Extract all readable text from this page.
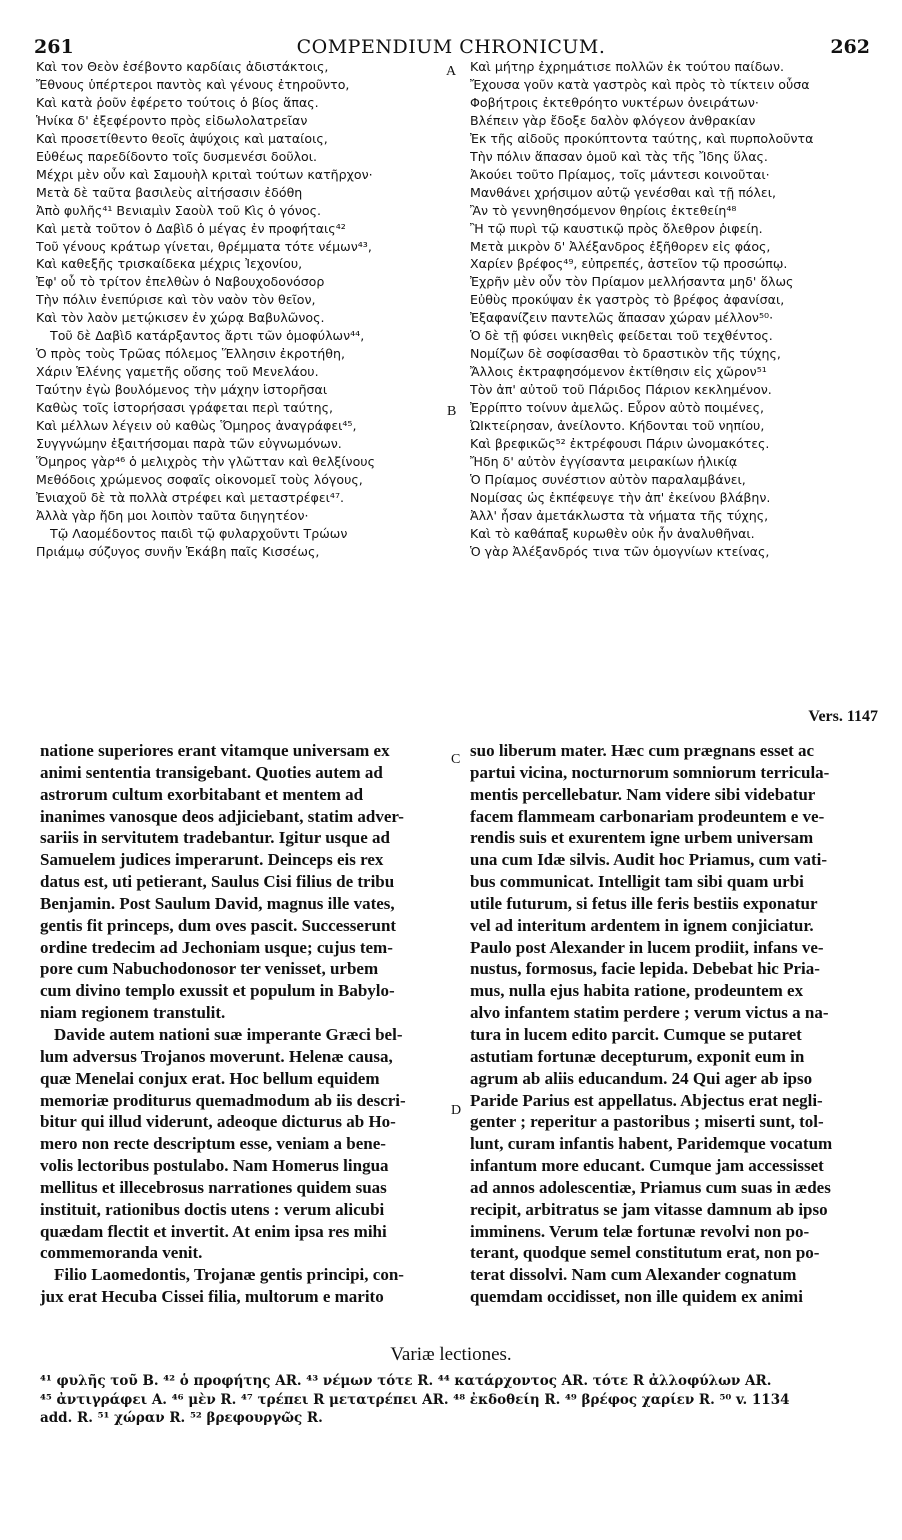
261	COMPENDIUM CHRONICUM.	262
Καὶ τον Θεὸν ἐσέβοντο καρδίαις ἀδιστάκτοις,
Ἔθνους ὑπέρτεροι παντὸς καὶ γένους ἐτηροῦντο,
Καὶ κατὰ ῥοῦν ἐφέρετο τούτοις ὁ βίος ἅπας.
Ἡνίκα δ' ἐξεφέροντο πρὸς εἰδωλολατρεῖαν
Καὶ προσετίθεντο θεοῖς ἀψύχοις καὶ ματαίοις,
Εὐθέως παρεδίδοντο τοῖς δυσμενέσι δοῦλοι.
Μέχρι μὲν οὖν καὶ Σαμουὴλ κριταὶ τούτων κατῆρχον·
Μετὰ δὲ ταῦτα βασιλεὺς αἰτήσασιν ἐδόθη
Ἀπὸ φυλῆς⁴¹ Βενιαμὶν Σαοὺλ τοῦ Κὶς ὁ γόνος.
Καὶ μετὰ τοῦτον ὁ Δαβὶδ ὁ μέγας ἐν προφήταις⁴²
Τοῦ γένους κράτωρ γίνεται, θρέμματα τότε νέμων⁴³,
Καὶ καθεξῆς τρισκαίδεκα μέχρις Ἰεχονίου,
Ἐφ' οὗ τὸ τρίτον ἐπελθὼν ὁ Ναβουχοδονόσορ
Τὴν πόλιν ἐνεπύρισε καὶ τὸν ναὸν τὸν θεῖον,
Καὶ τὸν λαὸν μετῴκισεν ἐν χώρᾳ Βαβυλῶνος.
Τοῦ δὲ Δαβὶδ κατάρξαντος ἄρτι τῶν ὁμοφύλων⁴⁴,
Ὁ πρὸς τοὺς Τρῶας πόλεμος Ἕλλησιν ἐκροτήθη,
Χάριν Ἑλένης γαμετῆς οὔσης τοῦ Μενελάου.
Ταύτην ἐγὼ βουλόμενος τὴν μάχην ἱστορῆσαι
Καθὼς τοῖς ἱστορήσασι γράφεται περὶ ταύτης,
Καὶ μέλλων λέγειν οὐ καθὼς Ὅμηρος ἀναγράφει⁴⁵,
Συγγνώμην ἐξαιτήσομαι παρὰ τῶν εὐγνωμόνων.
Ὅμηρος γὰρ⁴⁶ ὁ μελιχρὸς τὴν γλῶτταν καὶ θελξίνους
Μεθόδοις χρώμενος σοφαῖς οἰκονομεῖ τοὺς λόγους,
Ἐνιαχοῦ δὲ τὰ πολλὰ στρέφει καὶ μεταστρέφει⁴⁷.
Ἀλλὰ γὰρ ἤδη μοι λοιπὸν ταῦτα διηγητέον·
Τῷ Λαομέδοντος παιδὶ τῷ φυλαρχοῦντι Τρώων
Πριάμῳ σύζυγος συνῆν Ἑκάβη παῖς Κισσέως,
Καὶ μήτηρ ἐχρημάτισε πολλῶν ἐκ τούτου παίδων.
Ἔχουσα γοῦν κατὰ γαστρὸς καὶ πρὸς τὸ τίκτειν οὖσα
Φοβήτροις ἐκτεθρόητο νυκτέρων ὀνειράτων·
Βλέπειν γὰρ ἔδοξε δαλὸν φλόγεον ἀνθρακίαν
Ἐκ τῆς αἰδοῦς προκύπτοντα ταύτης, καὶ πυρπολοῦντα
Τὴν πόλιν ἅπασαν ὁμοῦ καὶ τὰς τῆς Ἴδης ὕλας.
Ἀκούει τοῦτο Πρίαμος, τοῖς μάντεσι κοινοῦται·
Μανθάνει χρήσιμον αὐτῷ γενέσθαι καὶ τῇ πόλει,
Ἂν τὸ γεννηθησόμενον θηρίοις ἐκτεθείη⁴⁸
Ἢ τῷ πυρὶ τῷ καυστικῷ πρὸς ὄλεθρον ῥιφείη.
Μετὰ μικρὸν δ' Ἀλέξανδρος ἐξῆθορεν εἰς φάος,
Χαρίεν βρέφος⁴⁹, εὐπρεπές, ἀστεῖον τῷ προσώπῳ.
Ἐχρῆν μὲν οὖν τὸν Πρίαμον μελλήσαντα μηδ' ὅλως
Εὐθὺς προκύψαν ἐκ γαστρὸς τὸ βρέφος ἀφανίσαι,
Ἐξαφανίζειν παντελῶς ἅπασαν χώραν μέλλον⁵⁰·
Ὁ δὲ τῇ φύσει νικηθεὶς φείδεται τοῦ τεχθέντος.
Νομίζων δὲ σοφίσασθαι τὸ δραστικὸν τῆς τύχης,
Ἄλλοις ἐκτραφησόμενον ἐκτίθησιν εἰς χῶρον⁵¹
Τὸν ἀπ' αὐτοῦ τοῦ Πάριδος Πάριον κεκλημένον.
Ἐρρίπτο τοίνυν ἀμελῶς. Εὗρον αὐτὸ ποιμένες,
ὨΙκτείρησαν, ἀνείλοντο. Κήδονται τοῦ νηπίου,
Καὶ βρεφικῶς⁵² ἐκτρέφουσι Πάριν ὠνομακότες.
Ἤδη δ' αὐτὸν ἐγγίσαντα μειρακίων ἡλικίᾳ
Ὁ Πρίαμος συνέστιον αὐτὸν παραλαμβάνει,
Νομίσας ὡς ἐκπέφευγε τὴν ἀπ' ἐκείνου βλάβην.
Ἀλλ' ἦσαν ἀμετάκλωστα τὰ νήματα τῆς τύχης,
Καὶ τὸ καθάπαξ κυρωθὲν οὐκ ἦν ἀναλυθῆναι.
Ὁ γὰρ Ἀλέξανδρός τινα τῶν ὁμογνίων κτείνας,
A
B
C
D
Vers. 1147
natione superiores erant vitamque universam ex
animi sententia transigebant. Quoties autem ad
astrorum cultum exorbitabant et mentem ad
inanimes vanosque deos adjiciebant, statim adver-
sariis in servitutem tradebantur. Igitur usque ad
Samuelem judices imperarunt. Deinceps eis rex
datus est, uti petierant, Saulus Cisi filius de tribu
Benjamin. Post Saulum David, magnus ille vates,
gentis fit princeps, dum oves pascit. Successerunt
ordine tredecim ad Jechoniam usque; cujus tem-
pore cum Nabuchodonosor ter venisset, urbem
cum divino templo exussit et populum in Babylo-
niam regionem transtulit.
Davide autem nationi suæ imperante Græci bel-
lum adversus Trojanos moverunt. Helenæ causa,
quæ Menelai conjux erat. Hoc bellum equidem
memoriæ proditurus quemadmodum ab iis descri-
bitur qui illud viderunt, adeoque dicturus ab Ho-
mero non recte descriptum esse, veniam a bene-
volis lectoribus postulabo. Nam Homerus lingua
mellitus et illecebrosus narrationes quidem suas
instituit, rationibus doctis utens : verum alicubi
quædam flectit et invertit. At enim ipsa res mihi
commemoranda venit.
Filio Laomedontis, Trojanæ gentis principi, con-
jux erat Hecuba Cissei filia, multorum e marito
suo liberum mater. Hæc cum prægnans esset ac
partui vicina, nocturnorum somniorum terricula-
mentis percellebatur. Nam videre sibi videbatur
facem flammeam carbonariam prodeuntem e ve-
rendis suis et exurentem igne urbem universam
una cum Idæ silvis. Audit hoc Priamus, cum vati-
bus communicat. Intelligit tam sibi quam urbi
utile futurum, si fetus ille feris bestiis exponatur
vel ad interitum ardentem in ignem conjiciatur.
Paulo post Alexander in lucem prodiit, infans ve-
nustus, formosus, facie lepida. Debebat hic Pria-
mus, nulla ejus habita ratione, prodeuntem ex
alvo infantem statim perdere ; verum victus a na-
tura in lucem edito parcit. Cumque se putaret
astutiam fortunæ decepturum, exponit eum in
agrum ab aliis educandum. 24 Qui ager ab ipso
Paride Parius est appellatus. Abjectus erat negli-
genter ; reperitur a pastoribus ; miserti sunt, tol-
lunt, curam infantis habent, Paridemque vocatum
infantum more educant. Cumque jam accessisset
ad annos adolescentiæ, Priamus cum suas in ædes
recipit, arbitratus se jam vitasse damnum ab ipso
imminens. Verum telæ fortunæ revolvi non po-
terant, quodque semel constitutum erat, non po-
terat dissolvi. Nam cum Alexander cognatum
quemdam occidisset, non ille quidem ex animi
Variæ lectiones.
⁴¹ φυλῆς τοῦ B. ⁴² ὁ προφήτης AR. ⁴³ νέμων τότε R. ⁴⁴ κατάρχοντος AR. τότε R ἀλλοφύλων AR.
⁴⁵ ἀντιγράφει A. ⁴⁶ μὲν R. ⁴⁷ τρέπει R μετατρέπει AR. ⁴⁸ ἐκδοθείη R. ⁴⁹ βρέφος χαρίεν R. ⁵⁰ v. 1134
add. R. ⁵¹ χώραν R. ⁵² βρεφουργῶς R.
